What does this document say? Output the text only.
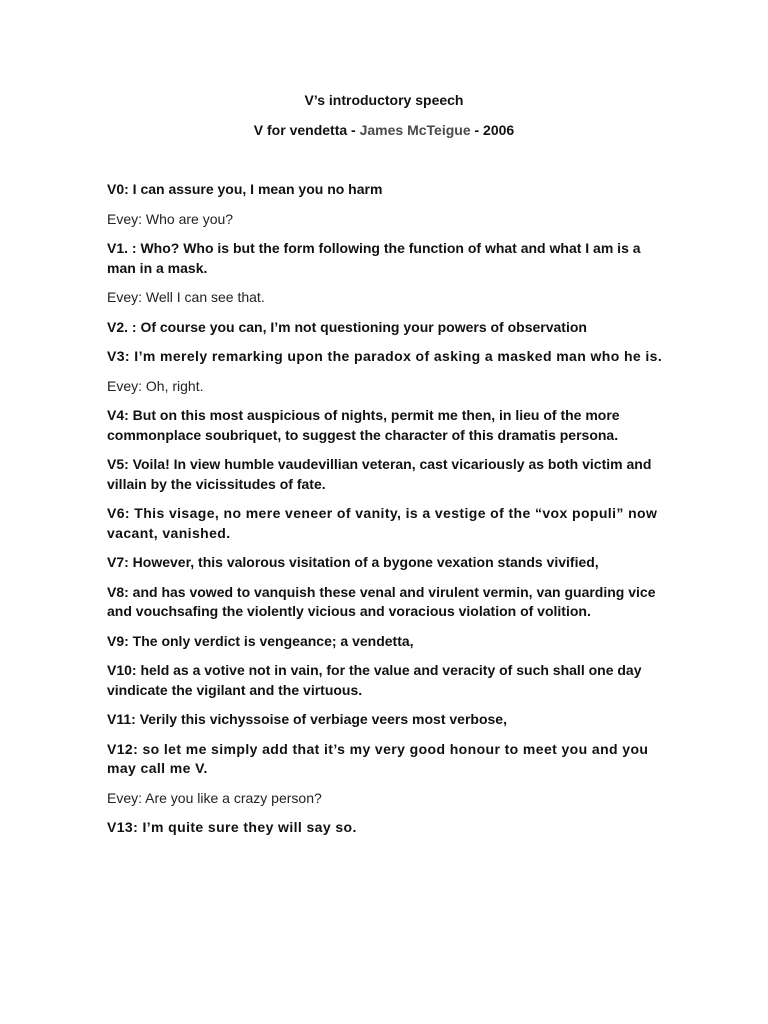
V’s introductory speech

V for vendetta - James McTeigue - 2006

V0: I can assure you, I mean you no harm

Evey: Who are you?

V1. : Who? Who is but the form following the function of what and what I am is a man in a mask.

Evey: Well I can see that.

V2. : Of course you can, I’m not questioning your powers of observation

V3: I’m merely remarking upon the paradox of asking a masked man who he is.

Evey: Oh, right.

V4: But on this most auspicious of nights, permit me then, in lieu of the more commonplace soubriquet, to suggest the character of this dramatis persona.

V5: Voila! In view humble vaudevillian veteran, cast vicariously as both victim and villain by the vicissitudes of fate.

V6: This visage, no mere veneer of vanity, is a vestige of the “vox populi” now vacant, vanished.

V7: However, this valorous visitation of a bygone vexation stands vivified,

V8: and has vowed to vanquish these venal and virulent vermin, van guarding vice and vouchsafing the violently vicious and voracious violation of volition.

V9: The only verdict is vengeance; a vendetta,

V10: held as a votive not in vain, for the value and veracity of such shall one day vindicate the vigilant and the virtuous.

V11: Verily this vichyssoise of verbiage veers most verbose,

V12: so let me simply add that it’s my very good honour to meet you and you may call me V.

Evey: Are you like a crazy person?

V13: I’m quite sure they will say so.
